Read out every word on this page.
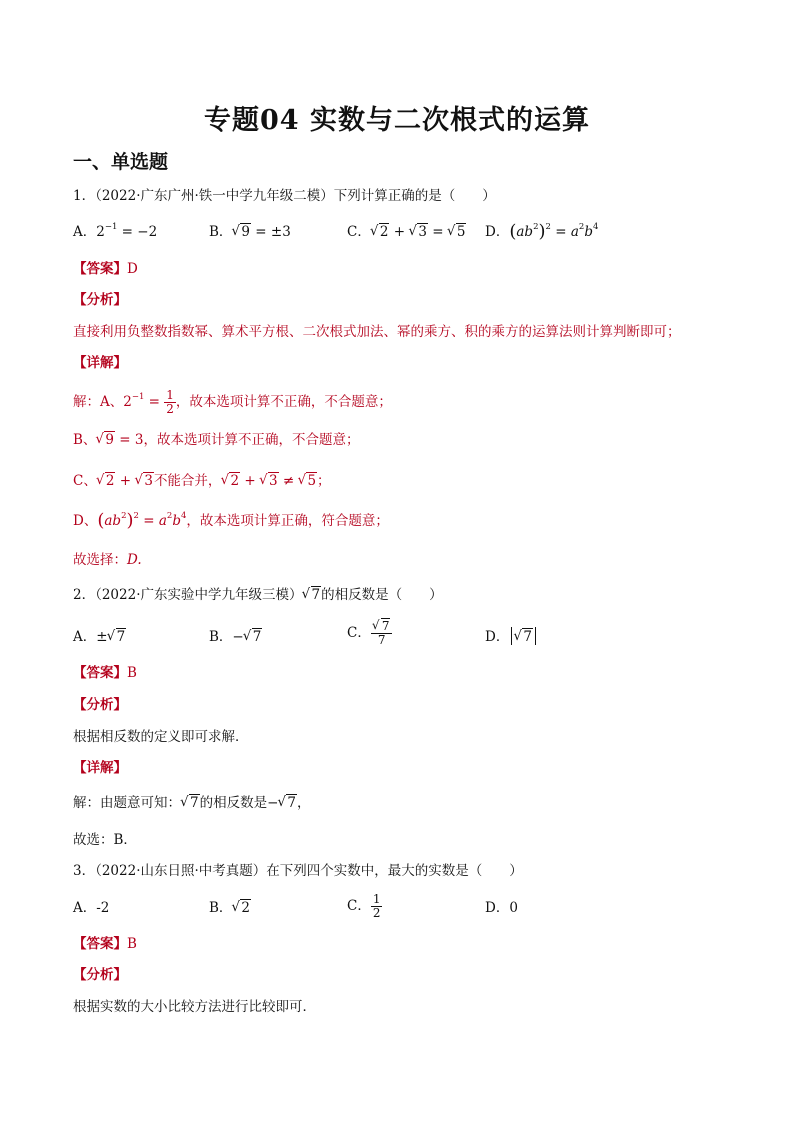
专题04 实数与二次根式的运算
一、单选题
1．（2022·广东广州·铁一中学九年级二模）下列计算正确的是（　　）
A．$2^{-1} = -2$	B． √ 9 = ±3	C． √ 2 + √ 3 = √ 5 D．$(ab^2)^2 = a^2b^4$
【答案】D
【分析】
直接利用负整数指数幂、算术平方根、二次根式加法、幂的乘方、积的乘方的运算法则计算判断即可；
【详解】
解：A、$2^{-1} = \frac{1}{2}$ ，故本选项计算不正确，不合题意；
B、 √ 9 = 3，故本选项计算不正确，不合题意；
C、 √ 2 + √ 3不能合并， √ 2 + √ 3 ≠ √ 5；
D、$(ab^2)^2 = a^2b^4$，故本选项计算正确，符合题意；
故选择：D.
2．（2022·广东实验中学九年级三模） √ 7的相反数是（　　）
A．± √ 7	B．− √ 7	C． √ $\frac{7}{7}$	D． √ 7
【答案】B
【分析】
根据相反数的定义即可求解．
【详解】
解：由题意可知： √ 7的相反数是− √ 7，
故选：B．
3．（2022·山东日照·中考真题）在下列四个实数中，最大的实数是（　　）
A．-2	B． √ 2	C． $\frac{1}{2}$	D．0
【答案】B
【分析】
根据实数的大小比较方法进行比较即可．
